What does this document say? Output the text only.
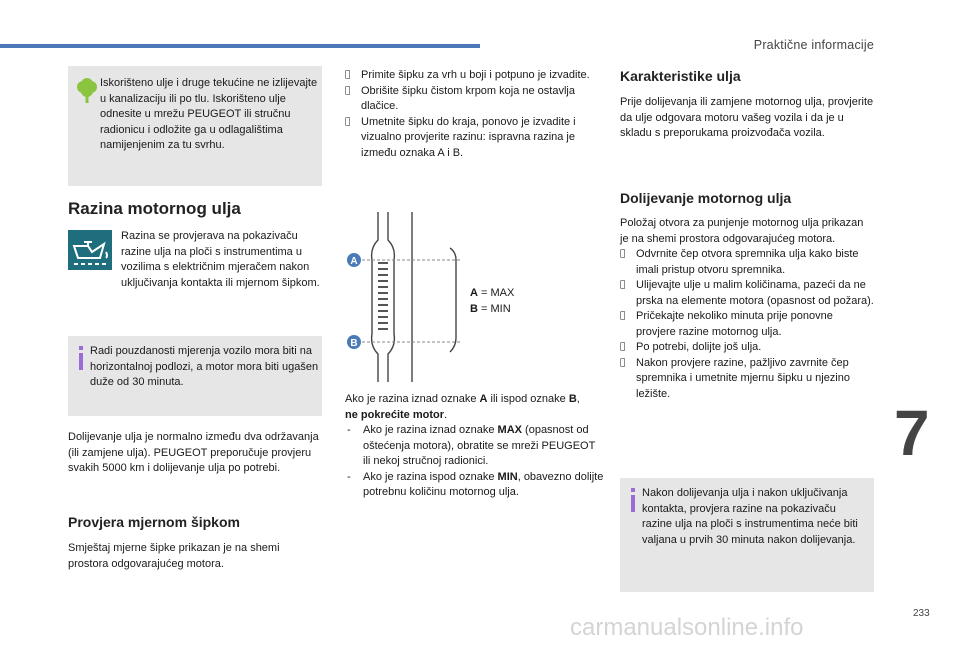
Praktične informacije

Iskorišteno ulje i druge tekućine ne izlijevajte u kanalizaciju ili po tlu. Iskorišteno ulje odnesite u mrežu PEUGEOT ili stručnu radionicu i odložite ga u odlagalištima namijenjenim za tu svrhu.

Razina motornog ulja

Razina se provjerava na pokazivaču razine ulja na ploči s instrumentima u vozilima s električnim mjeračem nakon uključivanja kontakta ili mjernom šipkom.

Radi pouzdanosti mjerenja vozilo mora biti na horizontalnoj podlozi, a motor mora biti ugašen duže od 30 minuta.

Dolijevanje ulja je normalno između dva održavanja (ili zamjene ulja). PEUGEOT preporučuje provjeru svakih 5000 km i dolijevanje ulja po potrebi.

Provjera mjernom šipkom

Smještaj mjerne šipke prikazan je na shemi prostora odgovarajućeg motora.

Primite šipku za vrh u boji i potpuno je izvadite.

Obrišite šipku čistom krpom koja ne ostavlja dlačice.

Umetnite šipku do kraja, ponovo je izvadite i vizualno provjerite razinu: ispravna razina je između oznaka A i B.

A
B

A = MAX

B = MIN

Ako je razina iznad oznake A ili ispod oznake B,

ne pokrećite motor.

- Ako je razina iznad oznake MAX (opasnost od oštećenja motora), obratite se mreži PEUGEOT ili nekoj stručnoj radionici.

- Ako je razina ispod oznake MIN, obavezno dolijte potrebnu količinu motornog ulja.

Karakteristike ulja

Prije dolijevanja ili zamjene motornog ulja, provjerite da ulje odgovara motoru vašeg vozila i da je u skladu s preporukama proizvođača vozila.

Dolijevanje motornog ulja

Položaj otvora za punjenje motornog ulja prikazan je na shemi prostora odgovarajućeg motora.

Odvrnite čep otvora spremnika ulja kako biste imali pristup otvoru spremnika.

Ulijevajte ulje u malim količinama, pazeći da ne prska na elemente motora (opasnost od požara).

Pričekajte nekoliko minuta prije ponovne provjere razine motornog ulja.

Po potrebi, dolijte još ulja.

Nakon provjere razine, pažljivo zavrnite čep spremnika i umetnite mjernu šipku u njezino ležište.

Nakon dolijevanja ulja i nakon uključivanja kontakta, provjera razine na pokazivaču razine ulja na ploči s instrumentima neće biti valjana u prvih 30 minuta nakon dolijevanja.

7
carmanualsonline.info
233
